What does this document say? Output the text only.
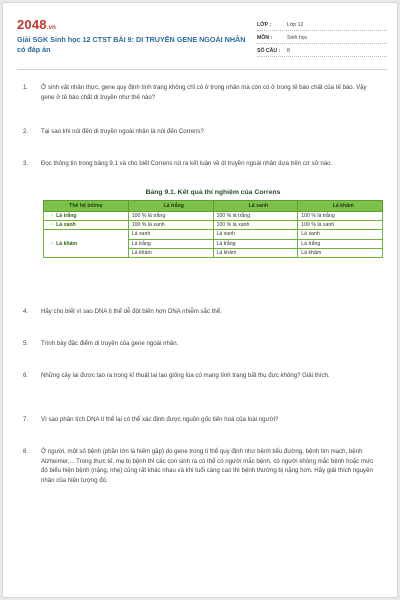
2048.vn
Giải SGK Sinh học 12 CTST BÀI 9: DI TRUYỀN GENE NGOÀI NHÂN có đáp án
LỚP :	Lớp 12
MÔN :	Sinh học
SỐ CÂU : 8
1.	Ở sinh vật nhân thực, gene quy định tính trạng không chỉ có ở trong nhân mà còn có ở trong tế bào chất của tế bào. Vậy gene ở tế bào chất di truyền như thế nào?
2.	Tại sao khi nói đến di truyền ngoài nhân là nói đến Correns?
3.	Đọc thông tin trong bảng 9.1 và cho biết Correns rút ra kết luận về di truyền ngoài nhân dựa trên cơ sở nào.
Bảng 9.1. Kết quả thí nghiệm của Correns
Thế hệ bố/mẹ	♂ Lá trắng	♂ Lá xanh	♂ Lá khảm
♀ Lá trắng	100 % lá trắng	100 % lá trắng	100 % lá trắng
♀ Lá xanh	100 % lá xanh	100 % lá xanh	100 % lá xanh
♀ Lá khảm	Lá xanh	Lá xanh	Lá xanh
	Lá trắng	Lá trắng	Lá trắng
	Lá khảm	Lá khảm	Lá khảm
4.	Hãy cho biết vì sao DNA ti thể dễ đột biến hơn DNA nhiễm sắc thể.
5.	Trình bày đặc điểm di truyền của gene ngoài nhân.
6.	Những cây lai được tạo ra trong kĩ thuật lai tạo giống lúa có mang tính trạng bất thụ đực không? Giải thích.
7.	Vì sao phân tích DNA ti thể lại có thể xác định được nguồn gốc tiến hoá của loài người?
8.	Ở người, một số bệnh (phần lớn là hiếm gặp) do gene trong ti thể quy định như bệnh tiểu đường, bệnh tim mạch, bệnh Alzheimer,... Trong thực tế, mẹ bị bệnh thì các con sinh ra có thể có người mắc bệnh, có người không mắc bệnh hoặc mức độ biểu hiện bệnh (nặng, nhẹ) cũng rất khác nhau và khi tuổi càng cao thì bệnh thường bị nặng hơn. Hãy giải thích nguyên nhân của hiện tượng đó.
